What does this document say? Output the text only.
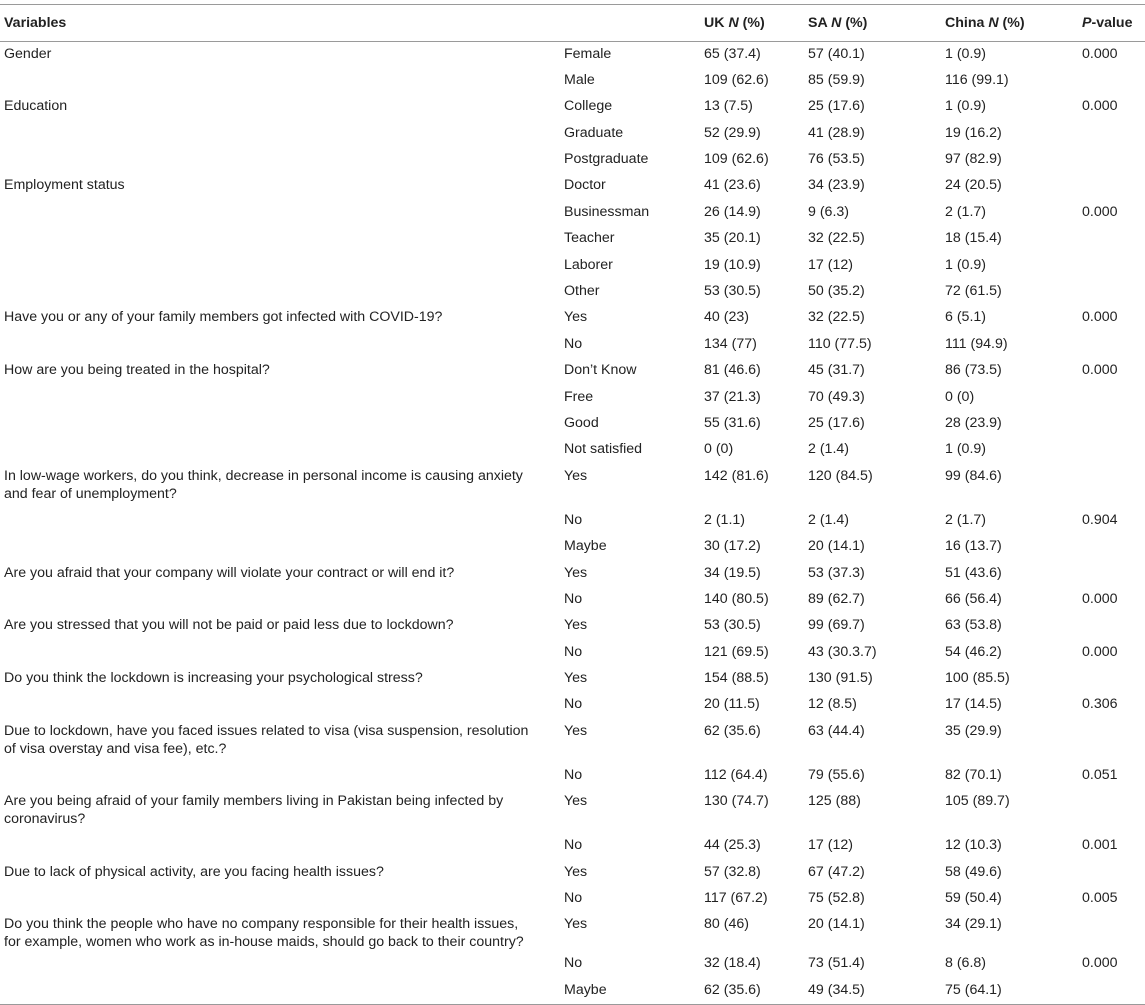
Variables		UK N (%)	SA N (%)	China N (%)	P-value

Gender	Female	65 (37.4)	57 (40.1)	1 (0.9)	0.000

	Male	109 (62.6)	85 (59.9)	116 (99.1)	

Education	College	13 (7.5)	25 (17.6)	1 (0.9)	0.000

	Graduate	52 (29.9)	41 (28.9)	19 (16.2)	

	Postgraduate	109 (62.6)	76 (53.5)	97 (82.9)	

Employment status	Doctor	41 (23.6)	34 (23.9)	24 (20.5)	

	Businessman	26 (14.9)	9 (6.3)	2 (1.7)	0.000

	Teacher	35 (20.1)	32 (22.5)	18 (15.4)	

	Laborer	19 (10.9)	17 (12)	1 (0.9)	

	Other	53 (30.5)	50 (35.2)	72 (61.5)	

Have you or any of your family members got infected with COVID-19?	Yes	40 (23)	32 (22.5)	6 (5.1)	0.000

	No	134 (77)	110 (77.5)	111 (94.9)	

How are you being treated in the hospital?	Don’t Know	81 (46.6)	45 (31.7)	86 (73.5)	0.000

	Free	37 (21.3)	70 (49.3)	0 (0)	

	Good	55 (31.6)	25 (17.6)	28 (23.9)	

	Not satisfied	0 (0)	2 (1.4)	1 (0.9)	

In low-wage workers, do you think, decrease in personal income is causing anxiety and fear of unemployment?	Yes	142 (81.6)	120 (84.5)	99 (84.6)	

	No	2 (1.1)	2 (1.4)	2 (1.7)	0.904

	Maybe	30 (17.2)	20 (14.1)	16 (13.7)	

Are you afraid that your company will violate your contract or will end it?	Yes	34 (19.5)	53 (37.3)	51 (43.6)	

	No	140 (80.5)	89 (62.7)	66 (56.4)	0.000

Are you stressed that you will not be paid or paid less due to lockdown?	Yes	53 (30.5)	99 (69.7)	63 (53.8)	

	No	121 (69.5)	43 (30.3.7)	54 (46.2)	0.000

Do you think the lockdown is increasing your psychological stress?	Yes	154 (88.5)	130 (91.5)	100 (85.5)	

	No	20 (11.5)	12 (8.5)	17 (14.5)	0.306

Due to lockdown, have you faced issues related to visa (visa suspension, resolution of visa overstay and visa fee), etc.?	Yes	62 (35.6)	63 (44.4)	35 (29.9)	

	No	112 (64.4)	79 (55.6)	82 (70.1)	0.051

Are you being afraid of your family members living in Pakistan being infected by coronavirus?	Yes	130 (74.7)	125 (88)	105 (89.7)	

	No	44 (25.3)	17 (12)	12 (10.3)	0.001

Due to lack of physical activity, are you facing health issues?	Yes	57 (32.8)	67 (47.2)	58 (49.6)	

	No	117 (67.2)	75 (52.8)	59 (50.4)	0.005

Do you think the people who have no company responsible for their health issues, for example, women who work as in-house maids, should go back to their country?	Yes	80 (46)	20 (14.1)	34 (29.1)	

	No	32 (18.4)	73 (51.4)	8 (6.8)	0.000

	Maybe	62 (35.6)	49 (34.5)	75 (64.1)	
